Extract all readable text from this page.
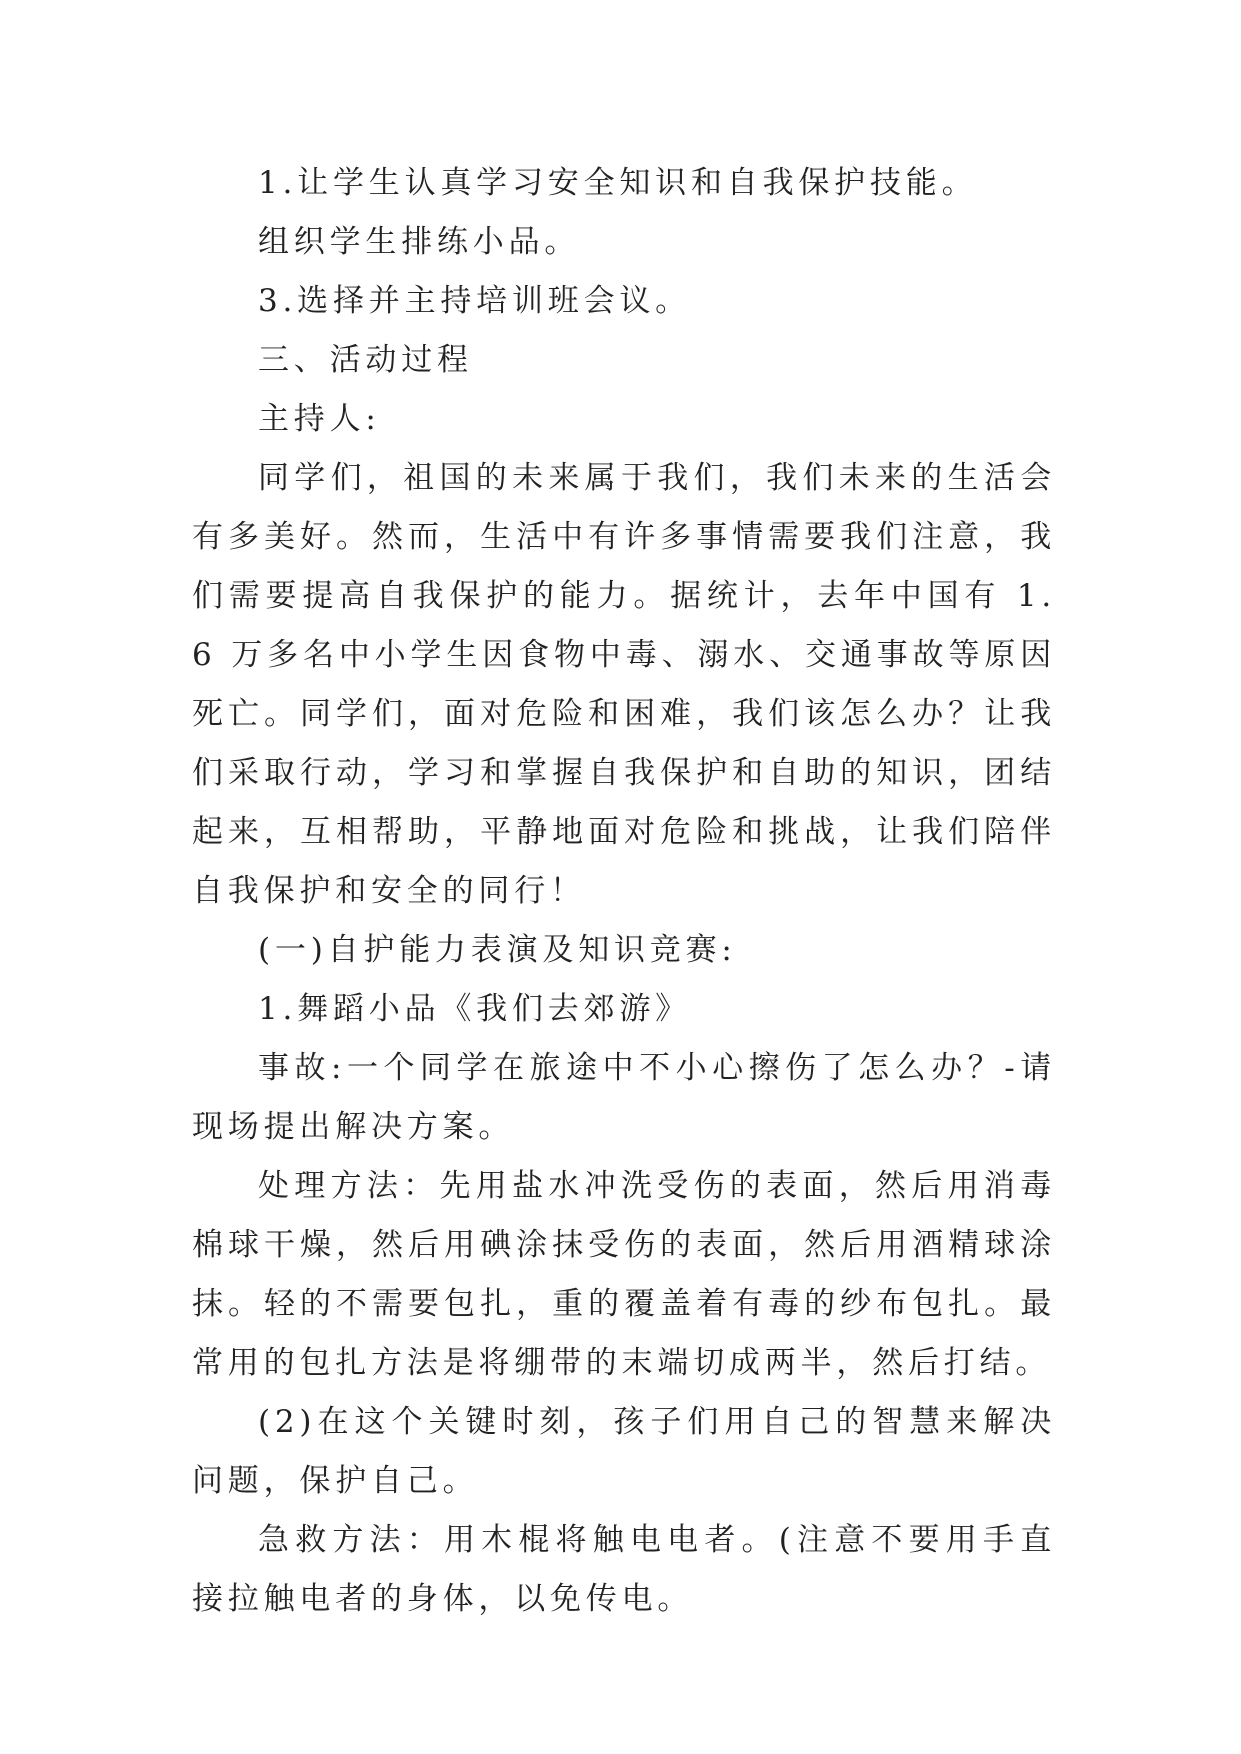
1.让学生认真学习安全知识和自我保护技能。

组织学生排练小品。

3.选择并主持培训班会议。

三、活动过程

主持人:

同学们，祖国的未来属于我们，我们未来的生活会有多美好。然而，生活中有许多事情需要我们注意，我们需要提高自我保护的能力。据统计，去年中国有 1.6 万多名中小学生因食物中毒、溺水、交通事故等原因死亡。同学们，面对危险和困难，我们该怎么办？让我们采取行动，学习和掌握自我保护和自助的知识，团结起来，互相帮助，平静地面对危险和挑战，让我们陪伴自我保护和安全的同行！

(一)自护能力表演及知识竞赛:

1.舞蹈小品《我们去郊游》

事故:一个同学在旅途中不小心擦伤了怎么办？-请现场提出解决方案。

处理方法：先用盐水冲洗受伤的表面，然后用消毒棉球干燥，然后用碘涂抹受伤的表面，然后用酒精球涂抹。轻的不需要包扎，重的覆盖着有毒的纱布包扎。最常用的包扎方法是将绷带的末端切成两半，然后打结。

(2)在这个关键时刻，孩子们用自己的智慧来解决问题，保护自己。

急救方法：用木棍将触电电者。(注意不要用手直接拉触电者的身体，以免传电。
